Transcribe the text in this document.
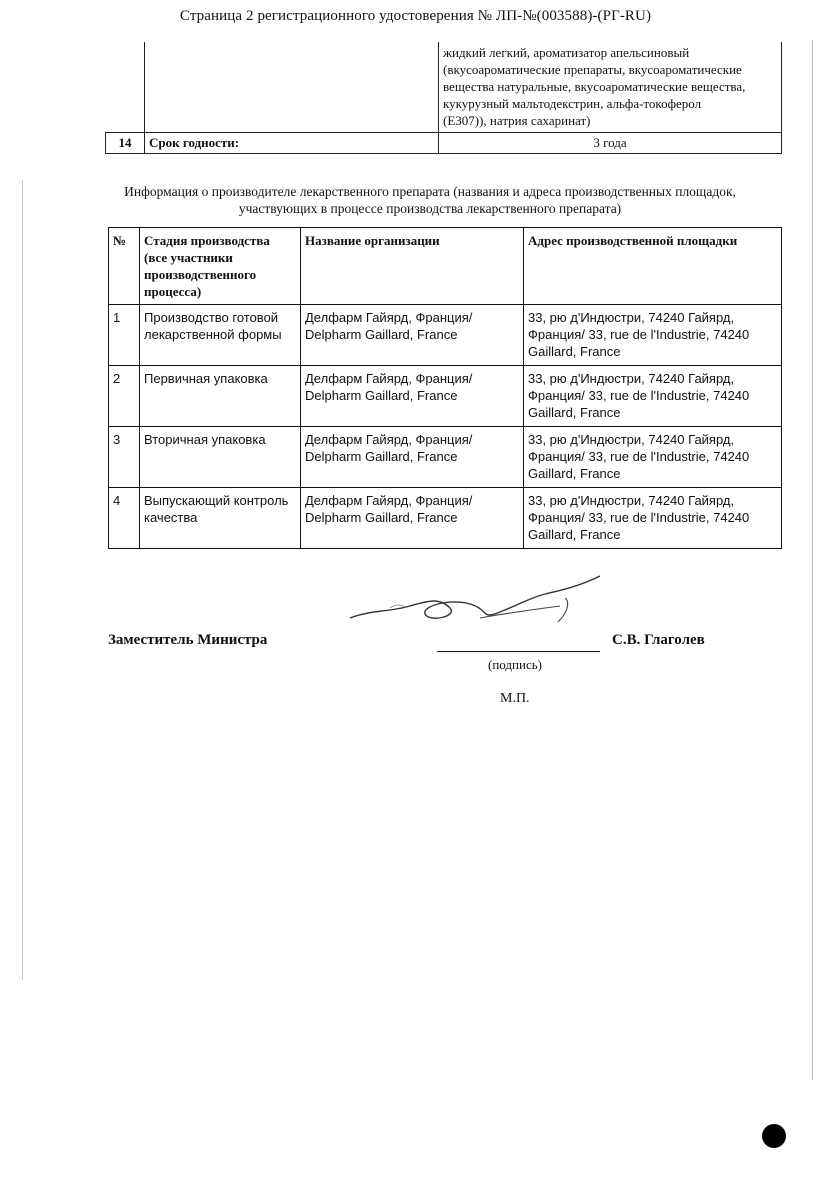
Страница 2 регистрационного удостоверения № ЛП-№(003588)-(РГ-RU)

		жидкий легкий, ароматизатор апельсиновый
(вкусоароматические препараты, вкусоароматические
вещества натуральные, вкусоароматические вещества,
кукурузный мальтодекстрин, альфа-токоферол
(Е307)), натрия сахаринат)

14	Срок годности:	3 года
Информация о производителе лекарственного препарата (названия и адреса производственных площадок,
участвующих в процессе производства лекарственного препарата)
№	Стадия производства (все участники производственного процесса)	Название организации	Адрес производственной площадки
1	Производство готовой лекарственной формы	Делфарм Гайярд, Франция/ Delpharm Gaillard, France	33, рю д'Индюстри, 74240 Гайярд, Франция/ 33, rue de l'Industrie, 74240 Gaillard, France
2	Первичная упаковка	Делфарм Гайярд, Франция/ Delpharm Gaillard, France	33, рю д'Индюстри, 74240 Гайярд, Франция/ 33, rue de l'Industrie, 74240 Gaillard, France
3	Вторичная упаковка	Делфарм Гайярд, Франция/ Delpharm Gaillard, France	33, рю д'Индюстри, 74240 Гайярд, Франция/ 33, rue de l'Industrie, 74240 Gaillard, France
4	Выпускающий контроль качества	Делфарм Гайярд, Франция/ Delpharm Gaillard, France	33, рю д'Индюстри, 74240 Гайярд, Франция/ 33, rue de l'Industrie, 74240 Gaillard, France
Заместитель Министра	С.В. Глаголев
(подпись)
М.П.
